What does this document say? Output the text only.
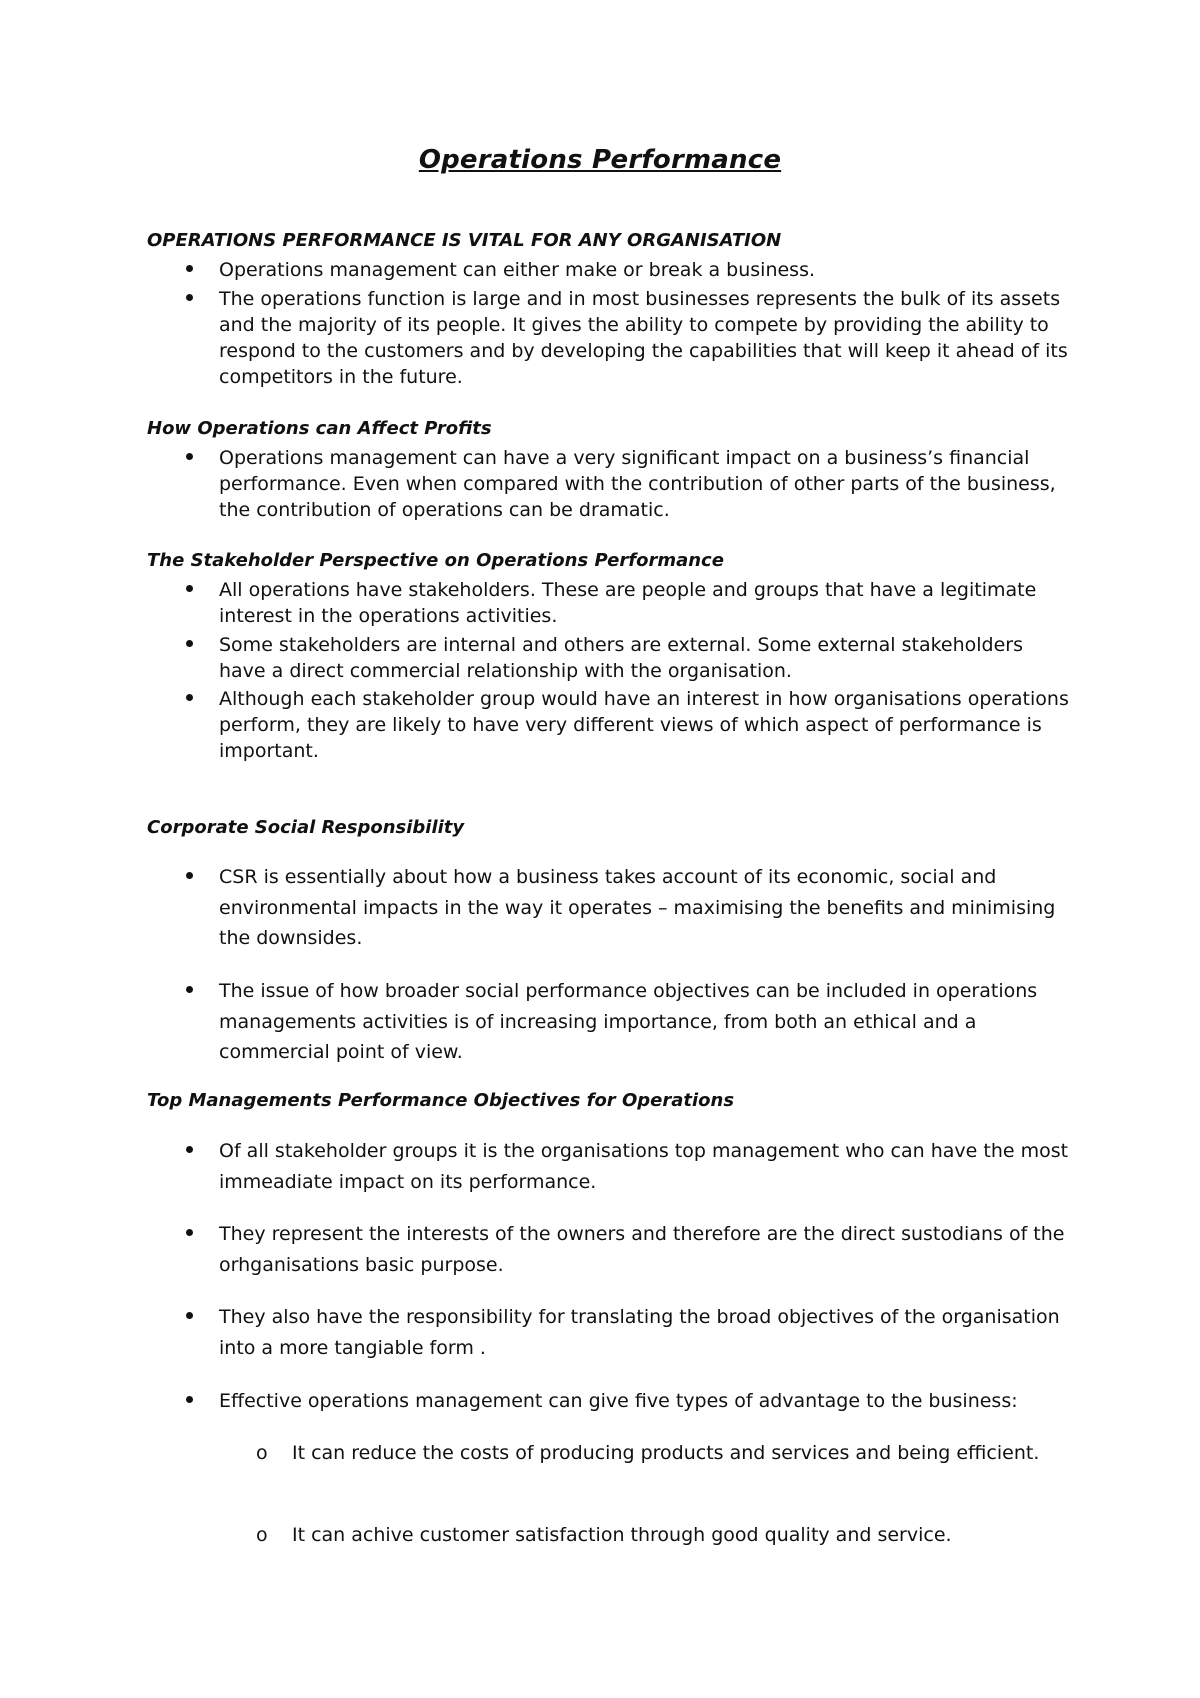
Operations Performance
OPERATIONS PERFORMANCE IS VITAL FOR ANY ORGANISATION
Operations management can either make or break a business.
The operations function is large and in most businesses represents the bulk of its assets and the majority of its people. It gives the ability to compete by providing the ability to respond to the customers and by developing the capabilities that will keep it ahead of its competitors in the future.
How Operations can Affect Profits
Operations management can have a very significant impact on a business’s financial performance. Even when compared with the contribution of other parts of the business, the contribution of operations can be dramatic.
The Stakeholder Perspective on Operations Performance
All operations have stakeholders. These are people and groups that have a legitimate interest in the operations activities.
Some stakeholders are internal and others are external. Some external stakeholders have a direct commercial relationship with the organisation.
Although each stakeholder group would have an interest in how organisations operations perform, they are likely to have very different views of which aspect of performance is important.
Corporate Social Responsibility
CSR is essentially about how a business takes account of its economic, social and environmental impacts in the way it operates – maximising the benefits and minimising the downsides.
The issue of how broader social performance objectives can be included in operations managements activities is of increasing importance, from both an ethical and a commercial point of view.
Top Managements Performance Objectives for Operations
Of all stakeholder groups it is the organisations top management who can have the most immeadiate impact on its performance.
They represent the interests of the owners and therefore are the direct sustodians of the orhganisations basic purpose.
They also have the responsibility for translating the broad objectives of the organisation into a more tangiable form .
Effective operations management can give five types of advantage to the business:
o It can reduce the costs of producing products and services and being efficient.
o It can achive customer satisfaction through good quality and service.
